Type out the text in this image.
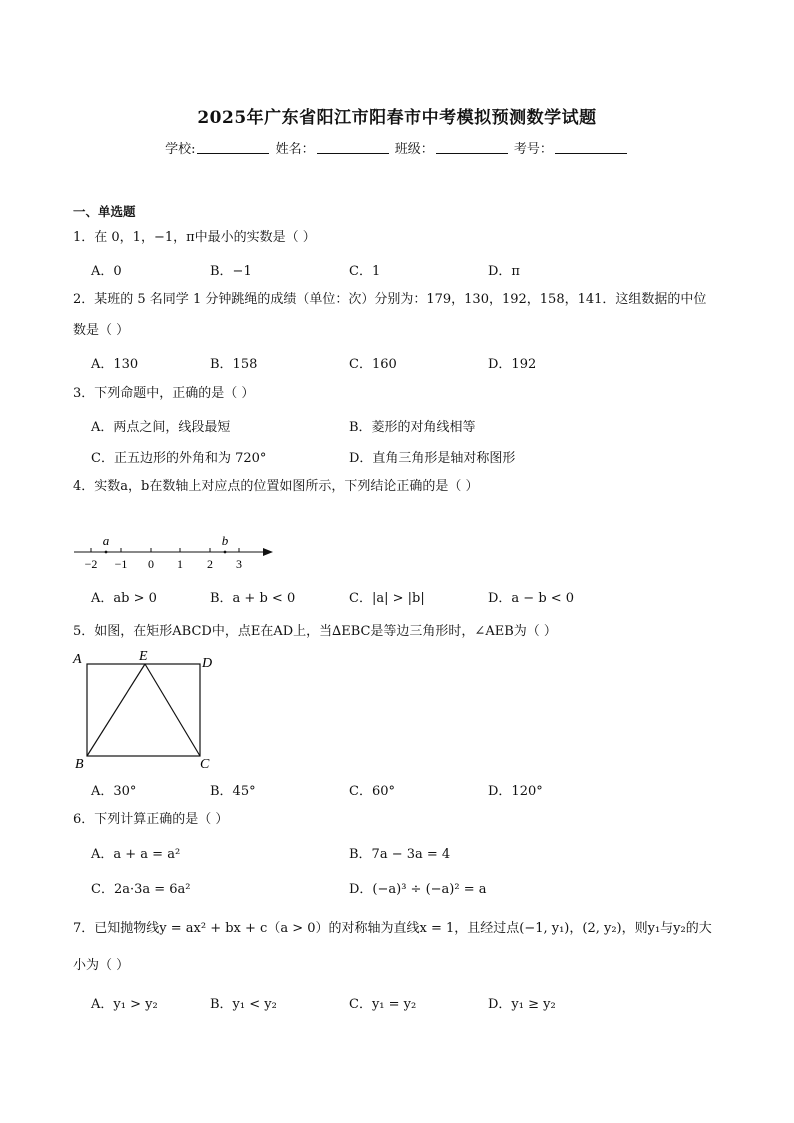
2025年广东省阳江市阳春市中考模拟预测数学试题
学校:	姓名：	班级：	考号：
一、单选题
1．在 0，1，−1，π中最小的实数是（ ）
A．0	B．−1	C．1	D．π
2．某班的 5 名同学 1 分钟跳绳的成绩（单位：次）分别为：179，130，192，158，141．这组数据的中位
数是（ ）
A．130	B．158	C．160	D．192
3．下列命题中，正确的是（ ）
A．两点之间，线段最短	B．菱形的对角线相等
C．正五边形的外角和为 720°	D．直角三角形是轴对称图形
4．实数a，b在数轴上对应点的位置如图所示，下列结论正确的是（ ）
a	b
−2 −1 0 1 2 3
A．ab > 0	B．a + b < 0	C．|a| > |b|	D．a − b < 0
5．如图，在矩形ABCD中，点E在AD上，当∆EBC是等边三角形时，∠AEB为（ ）
A	E	D
B	C
A．30°	B．45°	C．60°	D．120°
6．下列计算正确的是（ ）
A．a + a = a²	B．7a − 3a = 4
C．2a·3a = 6a²	D．(−a)³ ÷ (−a)² = a
7．已知抛物线y = ax² + bx + c（a > 0）的对称轴为直线x = 1，且经过点(−1, y₁)，(2, y₂)，则y₁与y₂的大
小为（ ）
A．y₁ > y₂	B．y₁ < y₂	C．y₁ = y₂	D．y₁ ≥ y₂
